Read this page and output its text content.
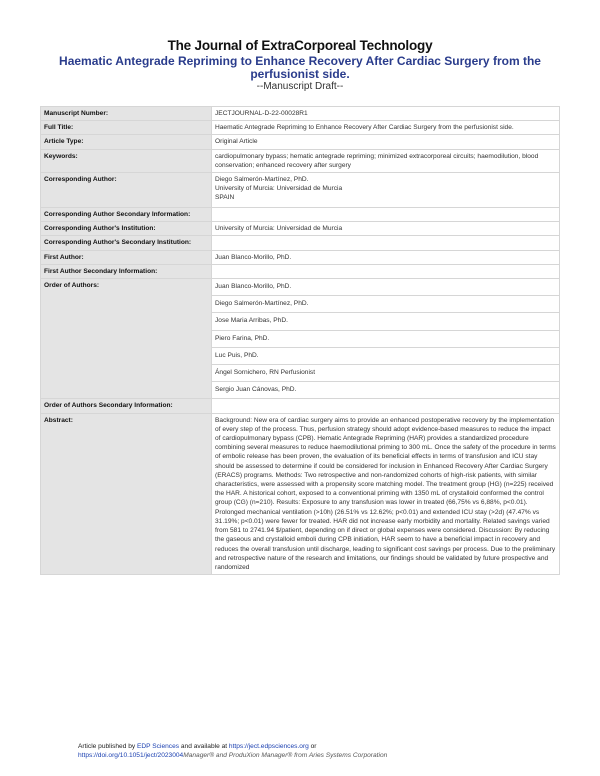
The Journal of ExtraCorporeal Technology
Haematic Antegrade Repriming to Enhance Recovery After Cardiac Surgery from the perfusionist side.
--Manuscript Draft--
Manuscript Number:	JECTJOURNAL-D-22-00028R1
Full Title:	Haematic Antegrade Repriming to Enhance Recovery After Cardiac Surgery from the perfusionist side.
Article Type:	Original Article
Keywords:	cardiopulmonary bypass; hematic antegrade repriming; minimized extracorporeal circuits; haemodilution, blood conservation; enhanced recovery after surgery
Corresponding Author:	Diego Salmerón-Martínez, PhD.
University of Murcia: Universidad de Murcia
SPAIN

Corresponding Author Secondary Information:	
Corresponding Author's Institution:	University of Murcia: Universidad de Murcia
Corresponding Author's Secondary Institution:	
First Author:	Juan Blanco-Morillo, PhD.
First Author Secondary Information:	
Order of Authors:	Juan Blanco-Morillo, PhD.
	Diego Salmerón-Martínez, PhD.
	Jose Maria Arribas, PhD.
	Piero Farina, PhD.
	Luc Puis, PhD.
	Ángel Sornichero, RN Perfusionist
	Sergio Juan Cánovas, PhD.
Order of Authors Secondary Information:	
Abstract:	Background: New era of cardiac surgery aims to provide an enhanced postoperative recovery by the implementation of every step of the process. Thus, perfusion strategy should adopt evidence-based measures to reduce the impact of cardiopulmonary bypass (CPB). Hematic Antegrade Repriming (HAR) provides a standardized procedure combining several measures to reduce haemodilutional priming to 300 mL. Once the safety of the procedure in terms of embolic release has been proven, the evaluation of its beneficial effects in terms of transfusion and ICU stay should be assessed to determine if could be considered for inclusion in Enhanced Recovery After Cardiac Surgery (ERACS) programs. Methods: Two retrospective and non-randomized cohorts of high-risk patients, with similar characteristics, were assessed with a propensity score matching model. The treatment group (HG) (n=225) received the HAR. A historical cohort, exposed to a conventional priming with 1350 mL of crystalloid conformed the control group (CG) (n=210). Results: Exposure to any transfusion was lower in treated (66,75% vs 6,88%, p<0.01). Prolonged mechanical ventilation (>10h) (26.51% vs 12.62%; p<0.01) and extended ICU stay (>2d) (47.47% vs 31.19%; p<0.01) were fewer for treated. HAR did not increase early morbidity and mortality. Related savings varied from 581 to 2741.94 $/patient, depending on if direct or global expenses were considered. Discussion: By reducing the gaseous and crystalloid emboli during CPB initiation, HAR seem to have a beneficial impact in recovery and reduces the overall transfusion until discharge, leading to significant cost savings per process. Due to the preliminary and retrospective nature of the research and limitations, our findings should be validated by future prospective and randomized
Article published by EDP Sciences and available at https://ject.edpsciences.org or
https://doi.org/10.1051/ject/2023004Manager® and ProduXion Manager® from Aries Systems Corporation
